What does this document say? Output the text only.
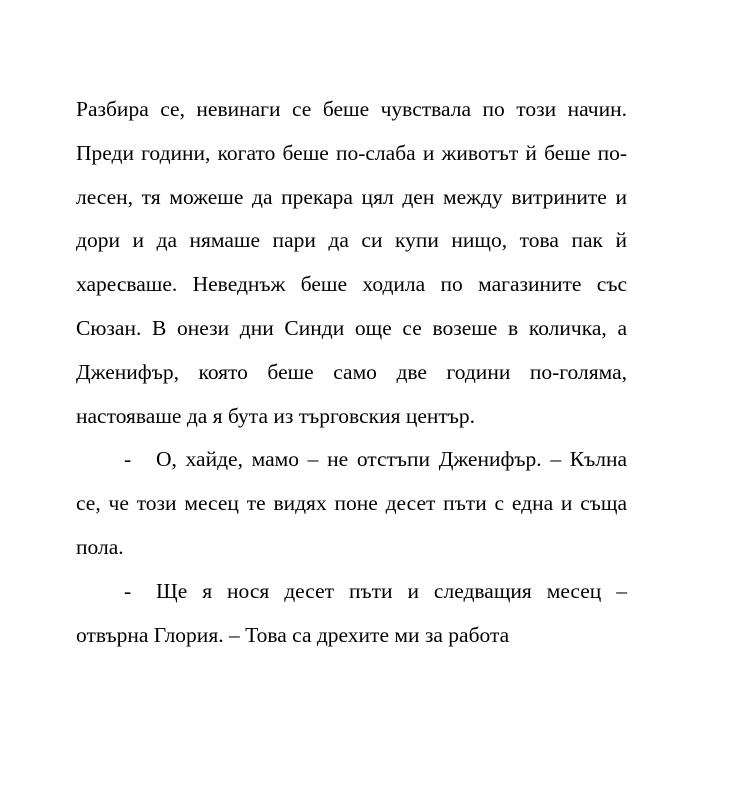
Разбира се, невинаги се беше чувствала по този начин. Преди години, когато беше по-слаба и животът й беше по-лесен, тя можеше да прекара цял ден между витрините и дори и да нямаше пари да си купи нищо, това пак й харесваше. Неведнъж беше ходила по магазините със Сюзан. В онези дни Синди още се возеше в количка, а Дженифър, която беше само две години по-голяма, настояваше да я бута из търговския център.

- О, хайде, мамо – не отстъпи Дженифър. – Кълна се, че този месец те видях поне десет пъти с една и съща пола.

- Ще я нося десет пъти и следващия месец – отвърна Глория. – Това са дрехите ми за работа
